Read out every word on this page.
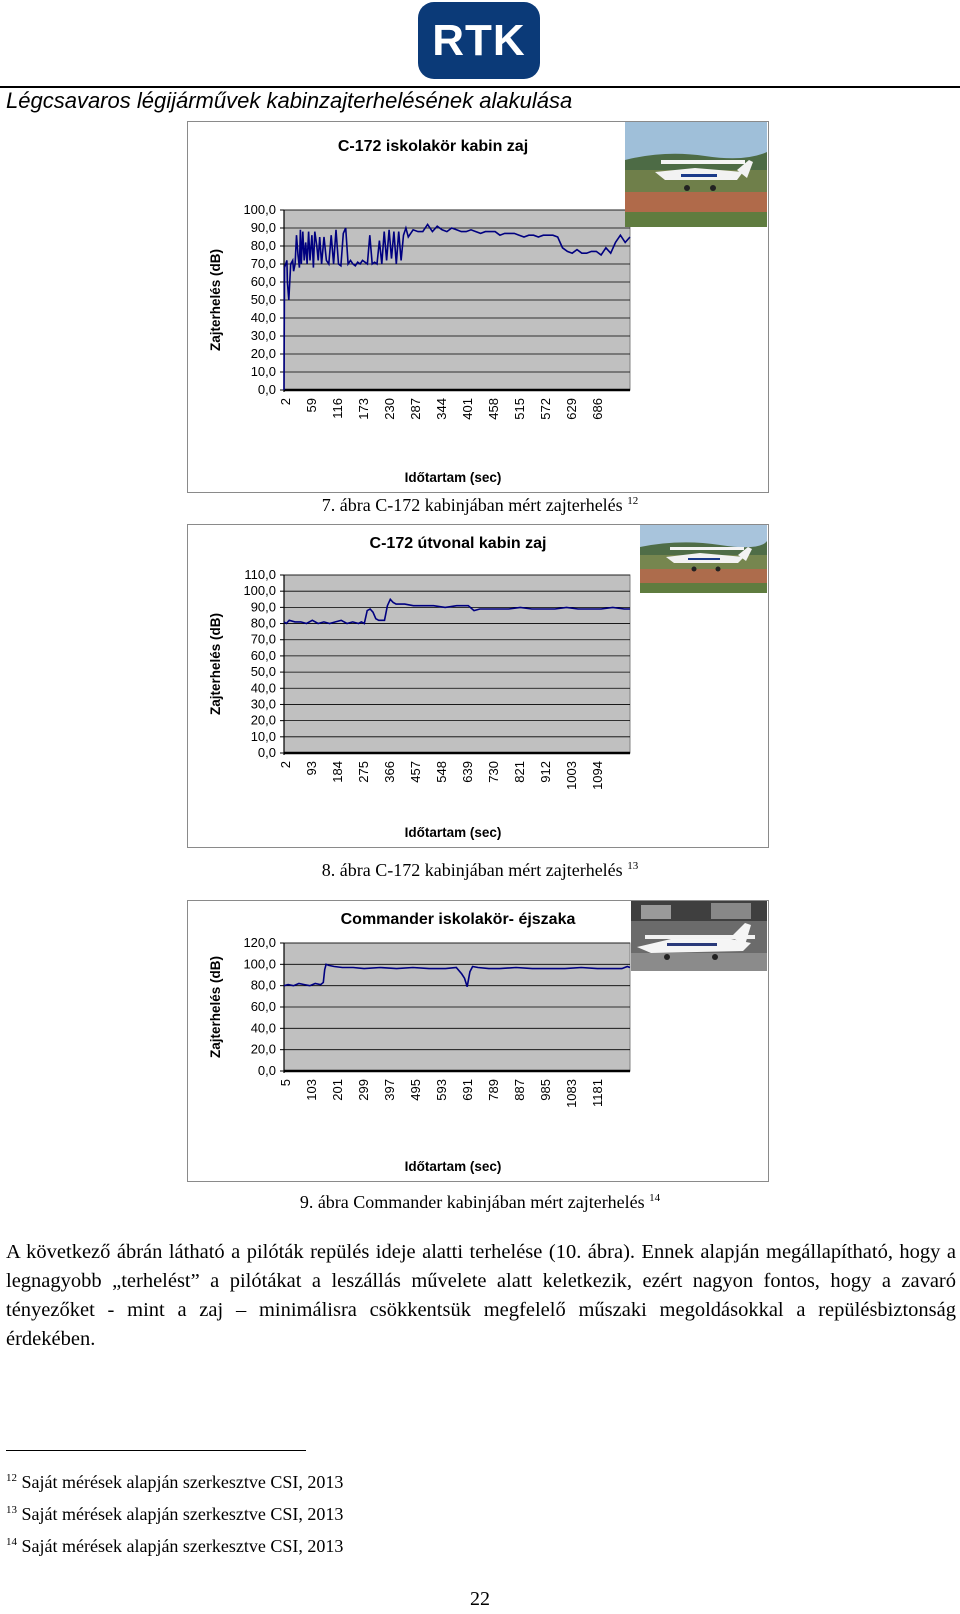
RTK
Légcsavaros légijárművek kabinzajterhelésének alakulása
C-172 iskolakör kabin zaj
100,0
90,0
80,0
70,0
60,0
50,0
40,0
30,0
20,0
10,0
0,0
2 59 116 173 230 287 344 401 458 515 572 629 686
Időtartam (sec)
Zajterhelés (dB)
7. ábra C-172 kabinjában mért zajterhelés $^{12}$
C-172 útvonal kabin zaj
110,0
100,0
90,0
80,0
70,0
60,0
50,0
40,0
30,0
20,0
10,0
0,0
2 93 184 275 366 457 548 639 730 821 912 1003 1094
Időtartam (sec)
Zajterhelés (dB)
8. ábra C-172 kabinjában mért zajterhelés $^{13}$
Commander iskolakör- éjszaka
120,0
100,0
80,0
60,0
40,0
20,0
0,0
5 103 201 299 397 495 593 691 789 887 985 1083 1181
Időtartam (sec)
Zajterhelés (dB)
9. ábra Commander kabinjában mért zajterhelés $^{14}$
A következő ábrán látható a pilóták repülés ideje alatti terhelése (10. ábra). Ennek alapján megállapítható, hogy a legnagyobb „terhelést” a pilótákat a leszállás művelete alatt keletkezik, ezért nagyon fontos, hogy a zavaró tényezőket - mint a zaj – minimálisra csökkentsük megfelelő műszaki megoldásokkal a repülésbiztonság érdekében.
$^{12}$ Saját mérések alapján szerkesztve CSI, 2013
$^{13}$ Saját mérések alapján szerkesztve CSI, 2013
$^{14}$ Saját mérések alapján szerkesztve CSI, 2013
22
